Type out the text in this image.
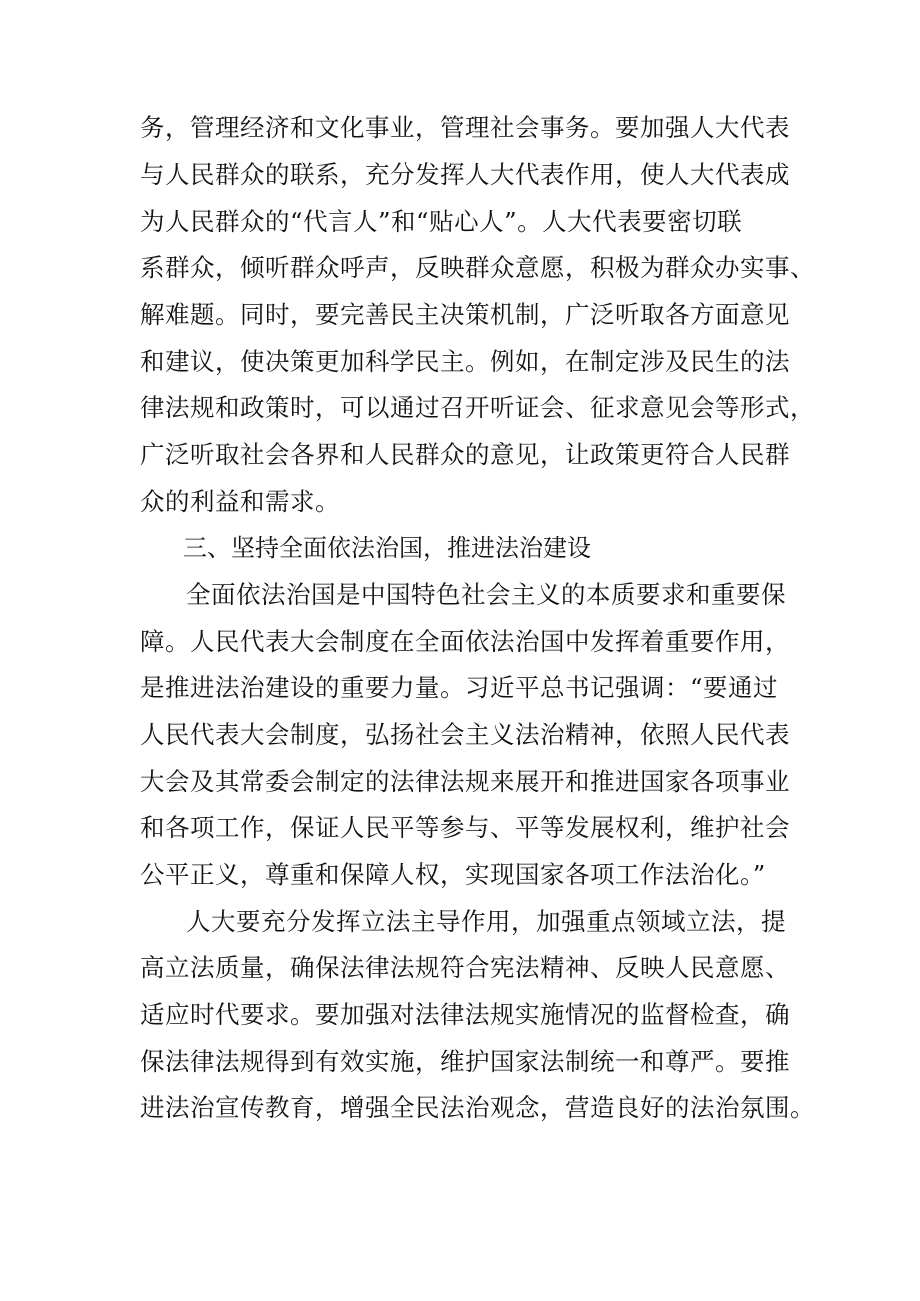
务，管理经济和文化事业，管理社会事务。要加强人大代表
与人民群众的联系，充分发挥人大代表作用，使人大代表成
为人民群众的“代言人”和“贴心人”。人大代表要密切联
系群众，倾听群众呼声，反映群众意愿，积极为群众办实事、
解难题。同时，要完善民主决策机制，广泛听取各方面意见
和建议，使决策更加科学民主。例如，在制定涉及民生的法
律法规和政策时，可以通过召开听证会、征求意见会等形式，
广泛听取社会各界和人民群众的意见，让政策更符合人民群
众的利益和需求。
三、坚持全面依法治国，推进法治建设
全面依法治国是中国特色社会主义的本质要求和重要保
障。人民代表大会制度在全面依法治国中发挥着重要作用，
是推进法治建设的重要力量。习近平总书记强调：“要通过
人民代表大会制度，弘扬社会主义法治精神，依照人民代表
大会及其常委会制定的法律法规来展开和推进国家各项事业
和各项工作，保证人民平等参与、平等发展权利，维护社会
公平正义，尊重和保障人权，实现国家各项工作法治化。”
人大要充分发挥立法主导作用，加强重点领域立法，提
高立法质量，确保法律法规符合宪法精神、反映人民意愿、
适应时代要求。要加强对法律法规实施情况的监督检查，确
保法律法规得到有效实施，维护国家法制统一和尊严。要推
进法治宣传教育，增强全民法治观念，营造良好的法治氛围。
